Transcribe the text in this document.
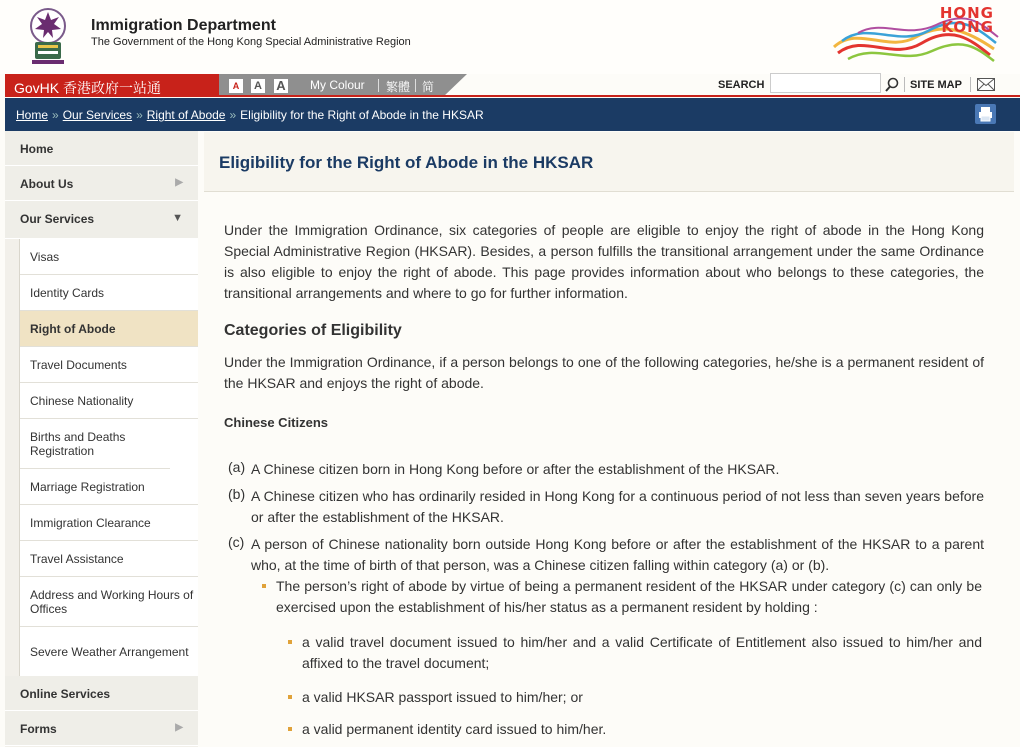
Immigration Department
The Government of the Hong Kong Special Administrative Region
HONG
KONG
GovHK 香港政府一站通	A	A A My Colour 繁體 简	SEARCH	SITE MAP
Home » Our Services » Right of Abode » Eligibility for the Right of Abode in the HKSAR
Home
About Us	▶
Our Services	▼
Visas
Identity Cards
Right of Abode
Travel Documents
Chinese Nationality
Births and Deaths Registration
Marriage Registration
Immigration Clearance
Travel Assistance
Address and Working Hours of Offices
Severe Weather Arrangement
Online Services
Forms	▶
Eligibility for the Right of Abode in the HKSAR
Under the Immigration Ordinance, six categories of people are eligible to enjoy the right of abode in the Hong Kong Special Administrative Region (HKSAR). Besides, a person fulfills the transitional arrangement under the same Ordinance is also eligible to enjoy the right of abode. This page provides information about who belongs to these categories, the transitional arrangements and where to go for further information.
Categories of Eligibility
Under the Immigration Ordinance, if a person belongs to one of the following categories, he/she is a permanent resident of the HKSAR and enjoys the right of abode.
Chinese Citizens
(a) A Chinese citizen born in Hong Kong before or after the establishment of the HKSAR.
(b) A Chinese citizen who has ordinarily resided in Hong Kong for a continuous period of not less than seven years before or after the establishment of the HKSAR.
(c) A person of Chinese nationality born outside Hong Kong before or after the establishment of the HKSAR to a parent who, at the time of birth of that person, was a Chinese citizen falling within category (a) or (b).
The person’s right of abode by virtue of being a permanent resident of the HKSAR under category (c) can only be exercised upon the establishment of his/her status as a permanent resident by holding :
a valid travel document issued to him/her and a valid Certificate of Entitlement also issued to him/her and affixed to the travel document;
a valid HKSAR passport issued to him/her; or
a valid permanent identity card issued to him/her.
